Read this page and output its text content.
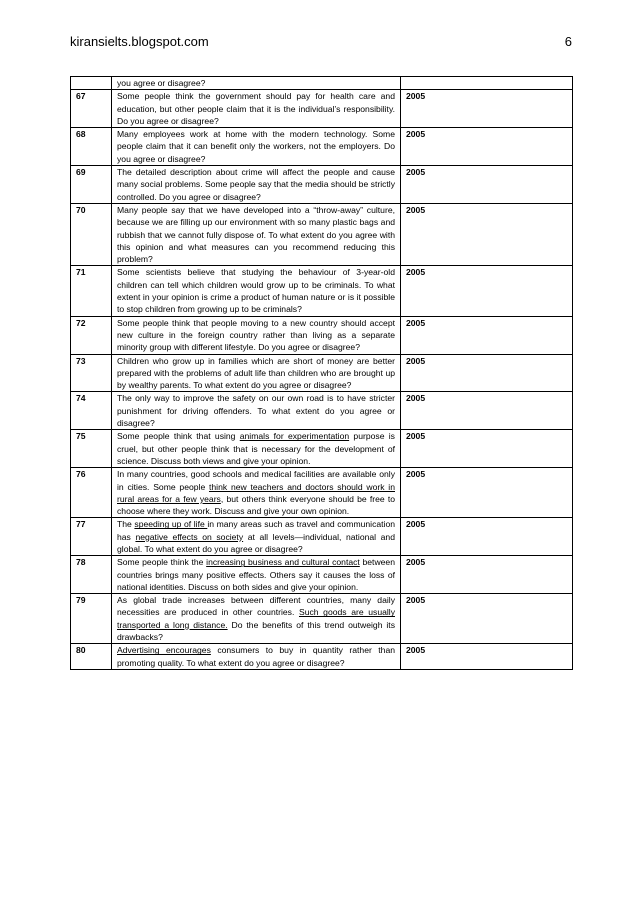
kiransielts.blogspot.com	6
	you agree or disagree?	
67	Some people think the government should pay for health care and education, but other people claim that it is the individual’s responsibility. Do you agree or disagree?	2005
68	Many employees work at home with the modern technology. Some people claim that it can benefit only the workers, not the employers. Do you agree or disagree?	2005
69	The detailed description about crime will affect the people and cause many social problems. Some people say that the media should be strictly controlled. Do you agree or disagree?	2005
70	Many people say that we have developed into a “throw-away” culture, because we are filling up our environment with so many plastic bags and rubbish that we cannot fully dispose of. To what extent do you agree with this opinion and what measures can you recommend reducing this problem?	2005
71	Some scientists believe that studying the behaviour of 3-year-old children can tell which children would grow up to be criminals. To what extent in your opinion is crime a product of human nature or is it possible to stop children from growing up to be criminals?	2005
72	Some people think that people moving to a new country should accept new culture in the foreign country rather than living as a separate minority group with different lifestyle. Do you agree or disagree?	2005
73	Children who grow up in families which are short of money are better prepared with the problems of adult life than children who are brought up by wealthy parents. To what extent do you agree or disagree?	2005
74	The only way to improve the safety on our own road is to have stricter punishment for driving offenders. To what extent do you agree or disagree?	2005
75	Some people think that using animals for experimentation purpose is cruel, but other people think that is necessary for the development of science. Discuss both views and give your opinion.	2005
76	In many countries, good schools and medical facilities are available only in cities. Some people think new teachers and doctors should work in rural areas for a few years, but others think everyone should be free to choose where they work. Discuss and give your own opinion.	2005
77	The speeding up of life in many areas such as travel and communication has negative effects on society at all levels—individual, national and global. To what extent do you agree or disagree?	2005
78	Some people think the increasing business and cultural contact between countries brings many positive effects. Others say it causes the loss of national identities. Discuss on both sides and give your opinion.	2005
79	As global trade increases between different countries, many daily necessities are produced in other countries. Such goods are usually transported a long distance. Do the benefits of this trend outweigh its drawbacks?	2005
80	Advertising encourages consumers to buy in quantity rather than promoting quality. To what extent do you agree or disagree?	2005
